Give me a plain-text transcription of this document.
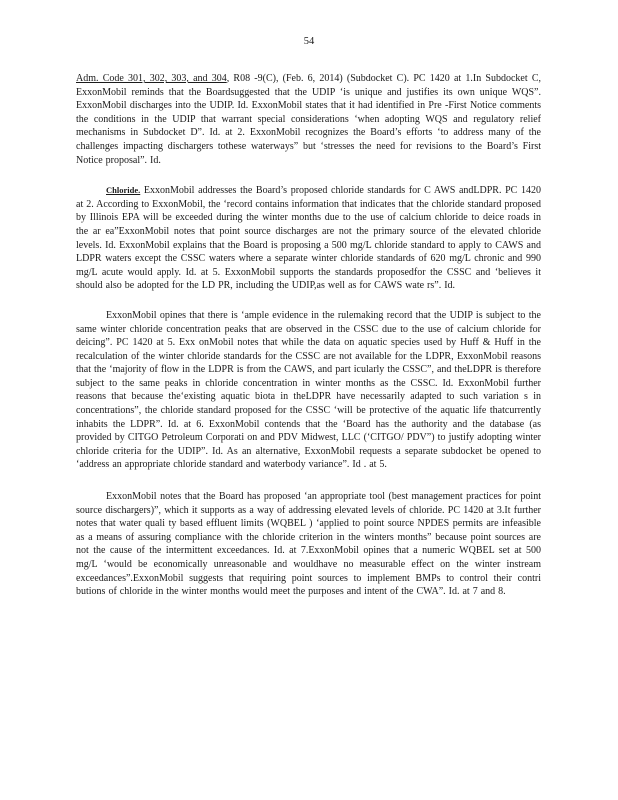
54

Adm. Code 301, 302, 303, and 304, R08 -9(C), (Feb. 6, 2014) (Subdocket C). PC 1420 at 1.In Subdocket C, ExxonMobil reminds that the Boardsuggested that the UDIP ‘is unique and justifies its own unique WQS”. ExxonMobil discharges into the UDIP. Id. ExxonMobil states that it had identified in Pre -First Notice comments the conditions in the UDIP that warrant special considerations ‘when adopting WQS and regulatory relief mechanisms in Subdocket D”. Id. at 2. ExxonMobil recognizes the Board’s efforts ‘to address many of the challenges impacting dischargers tothese waterways” but ‘stresses the need for revisions to the Board’s First Notice proposal”. Id.

Chloride. ExxonMobil addresses the Board’s proposed chloride standards for C AWS andLDPR. PC 1420 at 2. According to ExxonMobil, the ‘record contains information that indicates that the chloride standard proposed by Illinois EPA will be exceeded during the winter months due to the use of calcium chloride to deice roads in the ar ea”ExxonMobil notes that point source discharges are not the primary source of the elevated chloride levels. Id. ExxonMobil explains that the Board is proposing a 500 mg/L chloride standard to apply to CAWS and LDPR waters except the CSSC waters where a separate winter chloride standards of 620 mg/L chronic and 990 mg/L acute would apply. Id. at 5. ExxonMobil supports the standards proposedfor the CSSC and ‘believes it should also be adopted for the LD PR, including the UDIP,as well as for CAWS wate rs”. Id.

ExxonMobil opines that there is ‘ample evidence in the rulemaking record that the UDIP is subject to the same winter chloride concentration peaks that are observed in the CSSC due to the use of calcium chloride for deicing”. PC 1420 at 5. Exx onMobil notes that while the data on aquatic species used by Huff & Huff in the recalculation of the winter chloride standards for the CSSC are not available for the LDPR, ExxonMobil reasons that the ‘majority of flow in the LDPR is from the CAWS, and part icularly the CSSC”, and theLDPR is therefore subject to the same peaks in chloride concentration in winter months as the CSSC. Id. ExxonMobil further reasons that because the‘existing aquatic biota in theLDPR have necessarily adapted to such variation s in concentrations”, the chloride standard proposed for the CSSC ‘will be protective of the aquatic life thatcurrently inhabits the LDPR”. Id. at 6. ExxonMobil contends that the ‘Board has the authority and the database (as provided by CITGO Petroleum Corporati on and PDV Midwest, LLC (‘CITGO/ PDV”) to justify adopting winter chloride criteria for the UDIP”. Id. As an alternative, ExxonMobil requests a separate subdocket be opened to ‘address an appropriate chloride standard and waterbody variance”. Id . at 5.

ExxonMobil notes that the Board has proposed ‘an appropriate tool (best management practices for point source dischargers)”, which it supports as a way of addressing elevated levels of chloride. PC 1420 at 3.It further notes that water quali ty based effluent limits (WQBEL ) ‘applied to point source NPDES permits are infeasible as a means of assuring compliance with the chloride criterion in the winters months” because point sources are not the cause of the intermittent exceedances. Id. at 7.ExxonMobil opines that a numeric WQBEL set at 500 mg/L ‘would be economically unreasonable and wouldhave no measurable effect on the winter instream exceedances”.ExxonMobil suggests that requiring point sources to implement BMPs to control their contri butions of chloride in the winter months would meet the purposes and intent of the CWA”. Id. at 7 and 8.
